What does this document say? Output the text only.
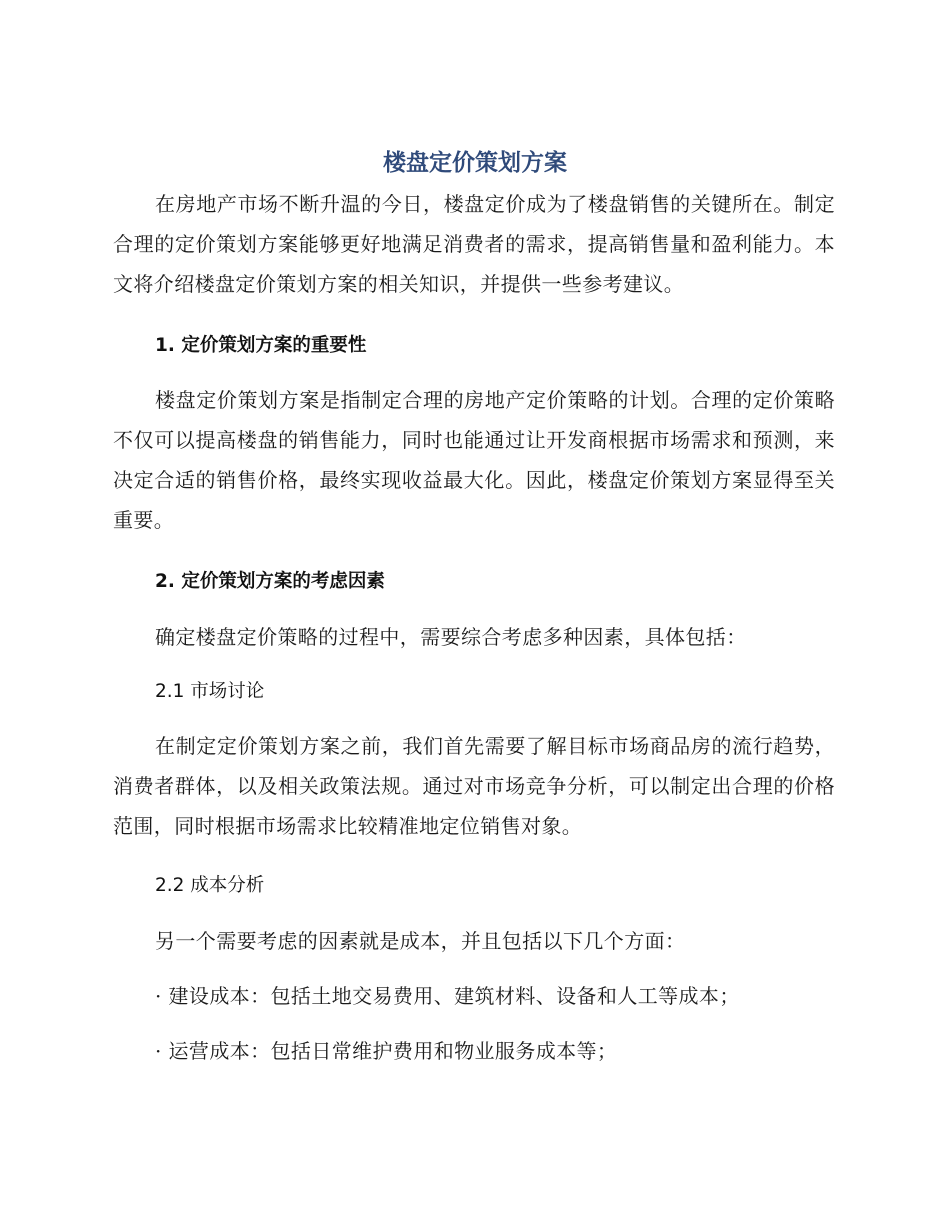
楼盘定价策划方案

在房地产市场不断升温的今日，楼盘定价成为了楼盘销售的关键所在。制定合理的定价策划方案能够更好地满足消费者的需求，提高销售量和盈利能力。本文将介绍楼盘定价策划方案的相关知识，并提供一些参考建议。

1. 定价策划方案的重要性

楼盘定价策划方案是指制定合理的房地产定价策略的计划。合理的定价策略不仅可以提高楼盘的销售能力，同时也能通过让开发商根据市场需求和预测，来决定合适的销售价格，最终实现收益最大化。因此，楼盘定价策划方案显得至关重要。

2. 定价策划方案的考虑因素

确定楼盘定价策略的过程中，需要综合考虑多种因素，具体包括：

2.1 市场讨论

在制定定价策划方案之前，我们首先需要了解目标市场商品房的流行趋势，消费者群体，以及相关政策法规。通过对市场竞争分析，可以制定出合理的价格范围，同时根据市场需求比较精准地定位销售对象。

2.2 成本分析

另一个需要考虑的因素就是成本，并且包括以下几个方面：

· 建设成本：包括土地交易费用、建筑材料、设备和人工等成本；

· 运营成本：包括日常维护费用和物业服务成本等；
